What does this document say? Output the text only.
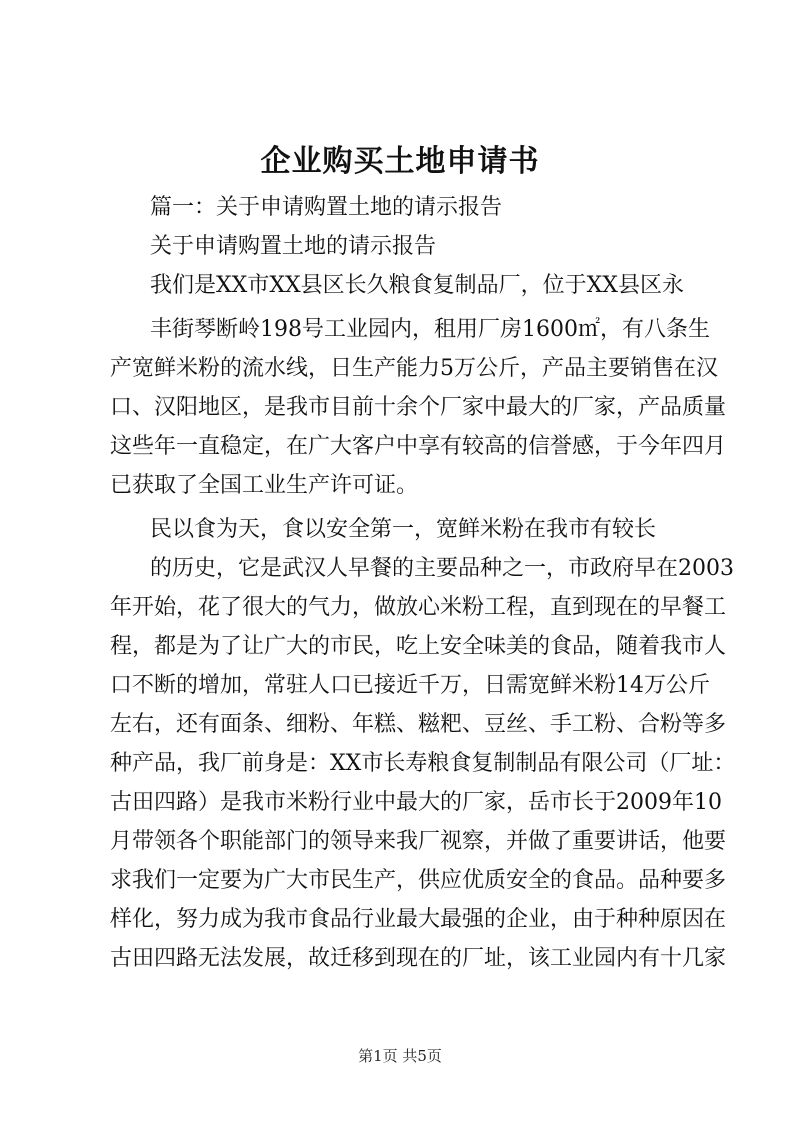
企业购买土地申请书
篇一：关于申请购置土地的请示报告
关于申请购置土地的请示报告
我们是XX市XX县区长久粮食复制品厂，位于XX县区永
丰街琴断岭198号工业园内，租用厂房1600㎡，有八条生
产宽鲜米粉的流水线，日生产能力5万公斤，产品主要销售在汉
口、汉阳地区，是我市目前十余个厂家中最大的厂家，产品质量
这些年一直稳定，在广大客户中享有较高的信誉感，于今年四月
已获取了全国工业生产许可证。
民以食为天，食以安全第一，宽鲜米粉在我市有较长
的历史，它是武汉人早餐的主要品种之一，市政府早在2003
年开始，花了很大的气力，做放心米粉工程，直到现在的早餐工
程，都是为了让广大的市民，吃上安全味美的食品，随着我市人
口不断的增加，常驻人口已接近千万，日需宽鲜米粉14万公斤
左右，还有面条、细粉、年糕、糍粑、豆丝、手工粉、合粉等多
种产品，我厂前身是：XX市长寿粮食复制制品有限公司（厂址：
古田四路）是我市米粉行业中最大的厂家，岳市长于2009年10
月带领各个职能部门的领导来我厂视察，并做了重要讲话，他要
求我们一定要为广大市民生产，供应优质安全的食品。品种要多
样化，努力成为我市食品行业最大最强的企业，由于种种原因在
古田四路无法发展，故迁移到现在的厂址，该工业园内有十几家
第1页 共5页
